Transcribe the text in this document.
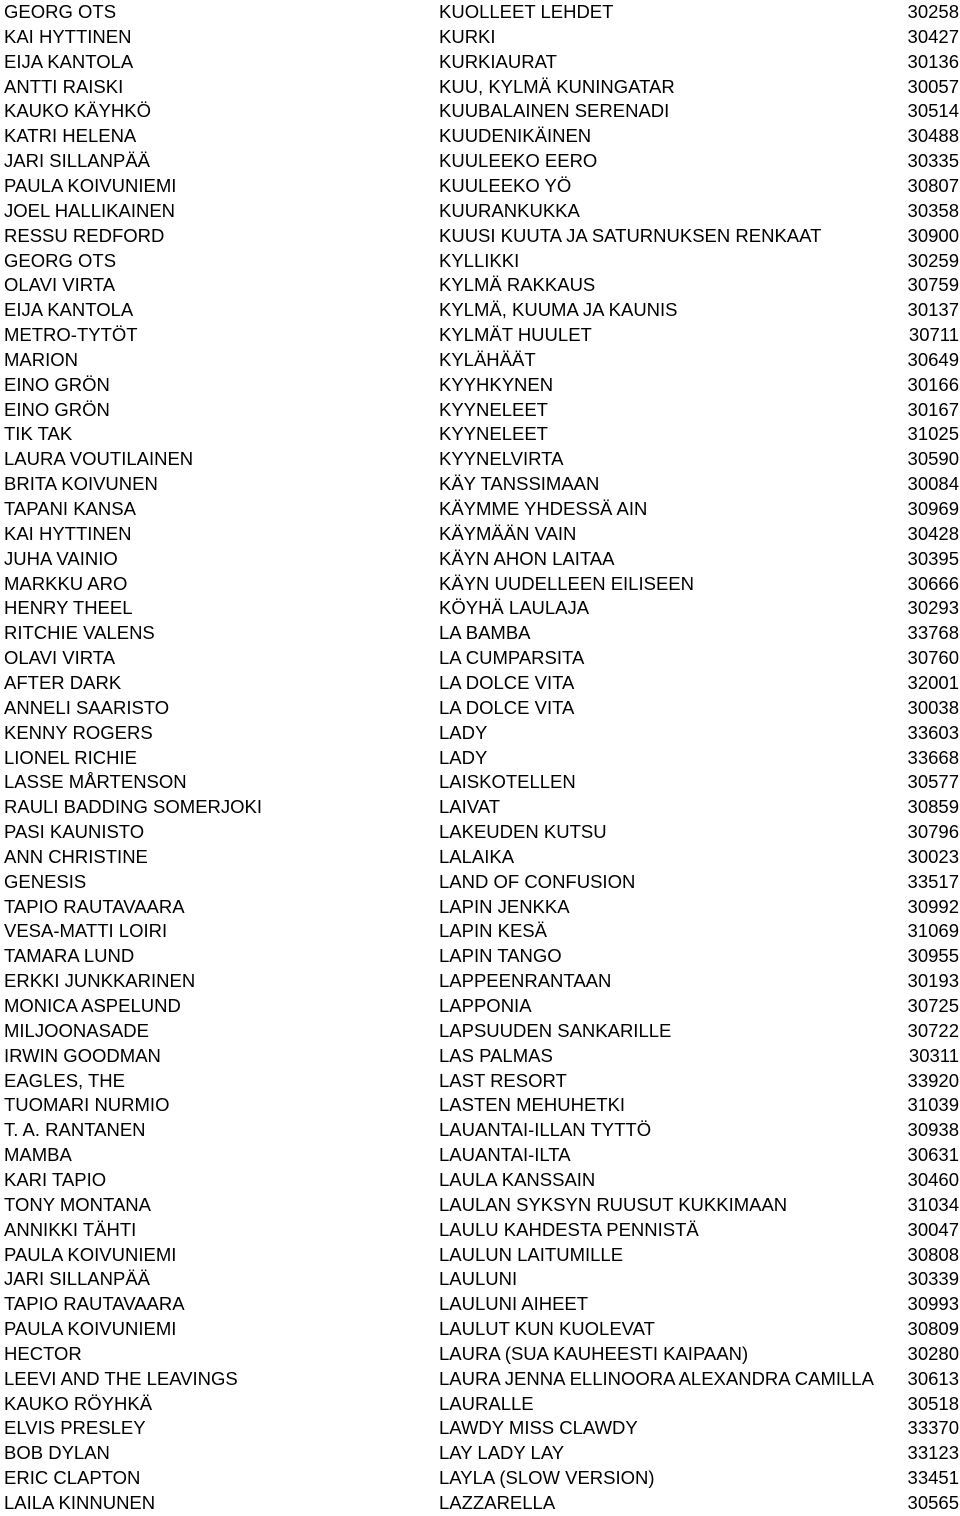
GEORG OTS	KUOLLEET LEHDET	30258
KAI HYTTINEN	KURKI	30427
EIJA KANTOLA	KURKIAURAT	30136
ANTTI RAISKI	KUU, KYLMÄ KUNINGATAR	30057
KAUKO KÄYHKÖ	KUUBALAINEN SERENADI	30514
KATRI HELENA	KUUDENIKÄINEN	30488
JARI SILLANPÄÄ	KUULEEKO EERO	30335
PAULA KOIVUNIEMI	KUULEEKO YÖ	30807
JOEL HALLIKAINEN	KUURANKUKKA	30358
RESSU REDFORD	KUUSI KUUTA JA SATURNUKSEN RENKAAT	30900
GEORG OTS	KYLLIKKI	30259
OLAVI VIRTA	KYLMÄ RAKKAUS	30759
EIJA KANTOLA	KYLMÄ, KUUMA JA KAUNIS	30137
METRO-TYTÖT	KYLMÄT HUULET	30711
MARION	KYLÄHÄÄT	30649
EINO GRÖN	KYYHKYNEN	30166
EINO GRÖN	KYYNELEET	30167
TIK TAK	KYYNELEET	31025
LAURA VOUTILAINEN	KYYNELVIRTA	30590
BRITA KOIVUNEN	KÄY TANSSIMAAN	30084
TAPANI KANSA	KÄYMME YHDESSÄ AIN	30969
KAI HYTTINEN	KÄYMÄÄN VAIN	30428
JUHA VAINIO	KÄYN AHON LAITAA	30395
MARKKU ARO	KÄYN UUDELLEEN EILISEEN	30666
HENRY THEEL	KÖYHÄ LAULAJA	30293
RITCHIE VALENS	LA BAMBA	33768
OLAVI VIRTA	LA CUMPARSITA	30760
AFTER DARK	LA DOLCE VITA	32001
ANNELI SAARISTO	LA DOLCE VITA	30038
KENNY ROGERS	LADY	33603
LIONEL RICHIE	LADY	33668
LASSE MÅRTENSON	LAISKOTELLEN	30577
RAULI BADDING SOMERJOKI	LAIVAT	30859
PASI KAUNISTO	LAKEUDEN KUTSU	30796
ANN CHRISTINE	LALAIKA	30023
GENESIS	LAND OF CONFUSION	33517
TAPIO RAUTAVAARA	LAPIN JENKKA	30992
VESA-MATTI LOIRI	LAPIN KESÄ	31069
TAMARA LUND	LAPIN TANGO	30955
ERKKI JUNKKARINEN	LAPPEENRANTAAN	30193
MONICA ASPELUND	LAPPONIA	30725
MILJOONASADE	LAPSUUDEN SANKARILLE	30722
IRWIN GOODMAN	LAS PALMAS	30311
EAGLES, THE	LAST RESORT	33920
TUOMARI NURMIO	LASTEN MEHUHETKI	31039
T. A. RANTANEN	LAUANTAI-ILLAN TYTTÖ	30938
MAMBA	LAUANTAI-ILTA	30631
KARI TAPIO	LAULA KANSSAIN	30460
TONY MONTANA	LAULAN SYKSYN RUUSUT KUKKIMAAN	31034
ANNIKKI TÄHTI	LAULU KAHDESTA PENNISTÄ	30047
PAULA KOIVUNIEMI	LAULUN LAITUMILLE	30808
JARI SILLANPÄÄ	LAULUNI	30339
TAPIO RAUTAVAARA	LAULUNI AIHEET	30993
PAULA KOIVUNIEMI	LAULUT KUN KUOLEVAT	30809
HECTOR	LAURA (SUA KAUHEESTI KAIPAAN)	30280
LEEVI AND THE LEAVINGS	LAURA JENNA ELLINOORA ALEXANDRA CAMILLA	30613
KAUKO RÖYHKÄ	LAURALLE	30518
ELVIS PRESLEY	LAWDY MISS CLAWDY	33370
BOB DYLAN	LAY LADY LAY	33123
ERIC CLAPTON	LAYLA (SLOW VERSION)	33451
LAILA KINNUNEN	LAZZARELLA	30565
